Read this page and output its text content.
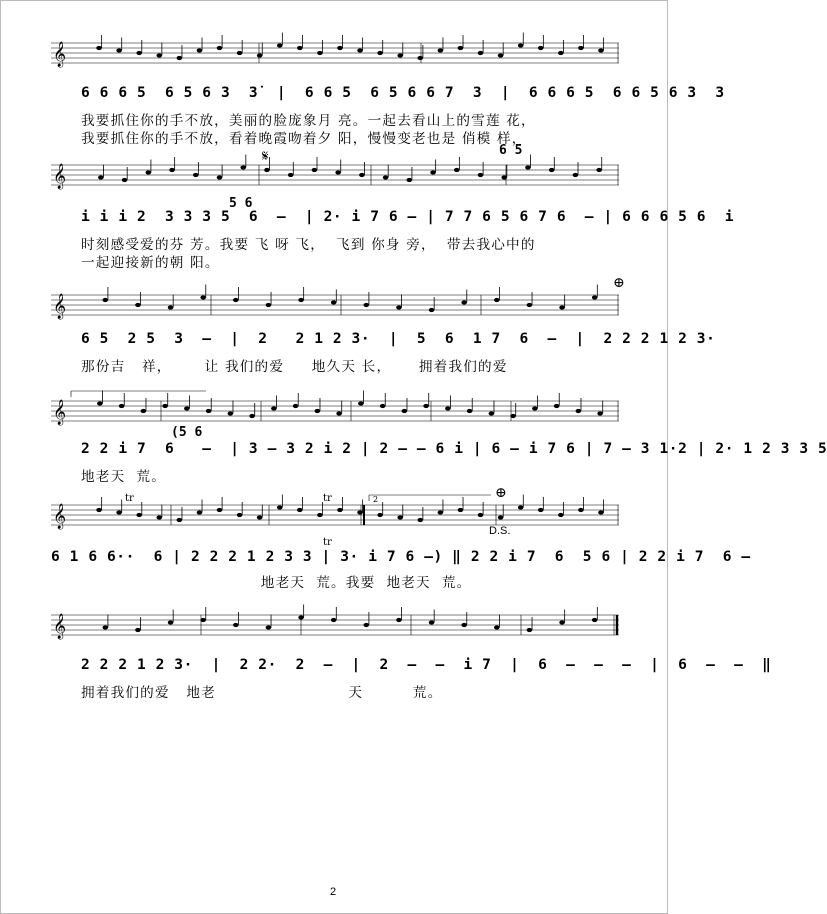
𝄞
6 6 6 5  6 5 6 3  3̇  |  6 6 5  6 5 6 6 7  3  |  6 6 6 5  6 6 5 6 3  3
我要抓住你的手不放，美丽的脸庞象月 亮。一起去看山上的雪莲 花，
我要抓住你的手不放，看着晚霞吻着夕 阳，慢慢变老也是 俏模 样，
𝄞
𝄋
5 6
6 5
i i i 2  3 3 3 5  6  —  | 2· i 7 6 — | 7 7 6 5 6 7 6  — | 6 6 6 5 6  i
时刻感受爱的芬 芳。我要 飞 呀 飞，  飞到 你身 旁，  带去我心中的
一起迎接新的朝 阳。
𝄞
⊕
6 5  2 5  3  —  |  2   2 1 2 3·  |  5  6  1 7  6  —  |  2 2 2 1 2 3·
那份吉   祥，      让 我们的爱     地久天 长，     拥着我们的爱
𝄞
(5 6
2 2 i 7  6   —  | 3 — 3 2 i 2 | 2 — — 6 i | 6 — i 7 6 | 7 — 3 1·2 | 2· 1 2 3 3 5
地老天  荒。
𝄞
tr	tr	2	⊕
D.S.
tr
6 1 6 6··  6 | 2 2 2 1 2 3 3 | 3· i 7 6 —) ‖ 2 2 i 7  6  5 6 | 2 2 i 7  6 —
地老天  荒。我要  地老天  荒。
𝄞
2 2 2 1 2 3·  |  2 2·  2  —  |  2  —  —  i 7  |  6  —  —  —  |  6  —  —  ‖
拥着我们的爱   地老                        天         荒。
2
